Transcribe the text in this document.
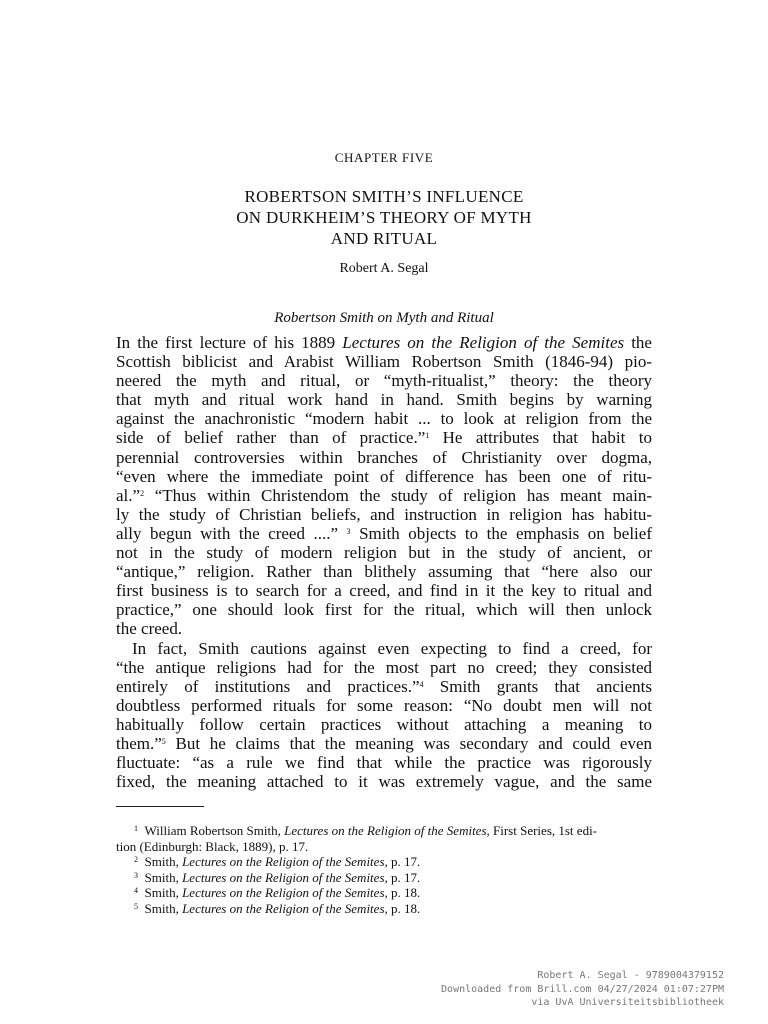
CHAPTER FIVE
ROBERTSON SMITH’S INFLUENCE
ON DURKHEIM’S THEORY OF MYTH
AND RITUAL
Robert A. Segal
Robertson Smith on Myth and Ritual
In the first lecture of his 1889 Lectures on the Religion of the Semites the
Scottish biblicist and Arabist William Robertson Smith (1846-94) pio-
neered the myth and ritual, or “myth-ritualist,” theory: the theory
that myth and ritual work hand in hand. Smith begins by warning
against the anachronistic “modern habit ... to look at religion from the
side of belief rather than of practice.”$^1$ He attributes that habit to
perennial controversies within branches of Christianity over dogma,
“even where the immediate point of difference has been one of ritu-
al.”$^2$ “Thus within Christendom the study of religion has meant main-
ly the study of Christian beliefs, and instruction in religion has habitu-
ally begun with the creed ....” $^3$ Smith objects to the emphasis on belief
not in the study of modern religion but in the study of ancient, or
“antique,” religion. Rather than blithely assuming that “here also our
first business is to search for a creed, and find in it the key to ritual and
practice,” one should look first for the ritual, which will then unlock
the creed.
In fact, Smith cautions against even expecting to find a creed, for
“the antique religions had for the most part no creed; they consisted
entirely of institutions and practices.”$^4$ Smith grants that ancients
doubtless performed rituals for some reason: “No doubt men will not
habitually follow certain practices without attaching a meaning to
them.”$^5$ But he claims that the meaning was secondary and could even
fluctuate: “as a rule we find that while the practice was rigorously
fixed, the meaning attached to it was extremely vague, and the same
$^1$ William Robertson Smith, Lectures on the Religion of the Semites, First Series, 1st edi-
tion (Edinburgh: Black, 1889), p. 17.
$^2$ Smith, Lectures on the Religion of the Semites, p. 17.
$^3$ Smith, Lectures on the Religion of the Semites, p. 17.
$^4$ Smith, Lectures on the Religion of the Semites, p. 18.
$^5$ Smith, Lectures on the Religion of the Semites, p. 18.
Robert A. Segal - 9789004379152
Downloaded from Brill.com 04/27/2024 01:07:27PM
via UvA Universiteitsbibliotheek
